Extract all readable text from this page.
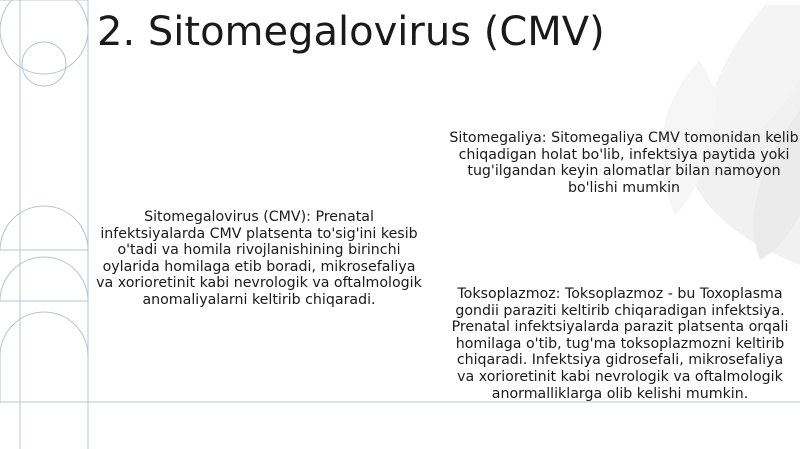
2. Sitomegalovirus (CMV)
Sitomegalovirus (CMV): Prenatal infektsiyalarda CMV platsenta to'sig'ini kesib o'tadi va homila rivojlanishining birinchi oylarida homilaga etib boradi, mikrosefaliya va xorioretinit kabi nevrologik va oftalmologik anomaliyalarni keltirib chiqaradi.
Sitomegaliya: Sitomegaliya CMV tomonidan kelib chiqadigan holat bo'lib, infektsiya paytida yoki tug'ilgandan keyin alomatlar bilan namoyon bo'lishi mumkin
Toksoplazmoz: Toksoplazmoz - bu Toxoplasma gondii paraziti keltirib chiqaradigan infektsiya. Prenatal infektsiyalarda parazit platsenta orqali homilaga o'tib, tug'ma toksoplazmozni keltirib chiqaradi. Infektsiya gidrosefali, mikrosefaliya va xorioretinit kabi nevrologik va oftalmologik anormalliklarga olib kelishi mumkin.
